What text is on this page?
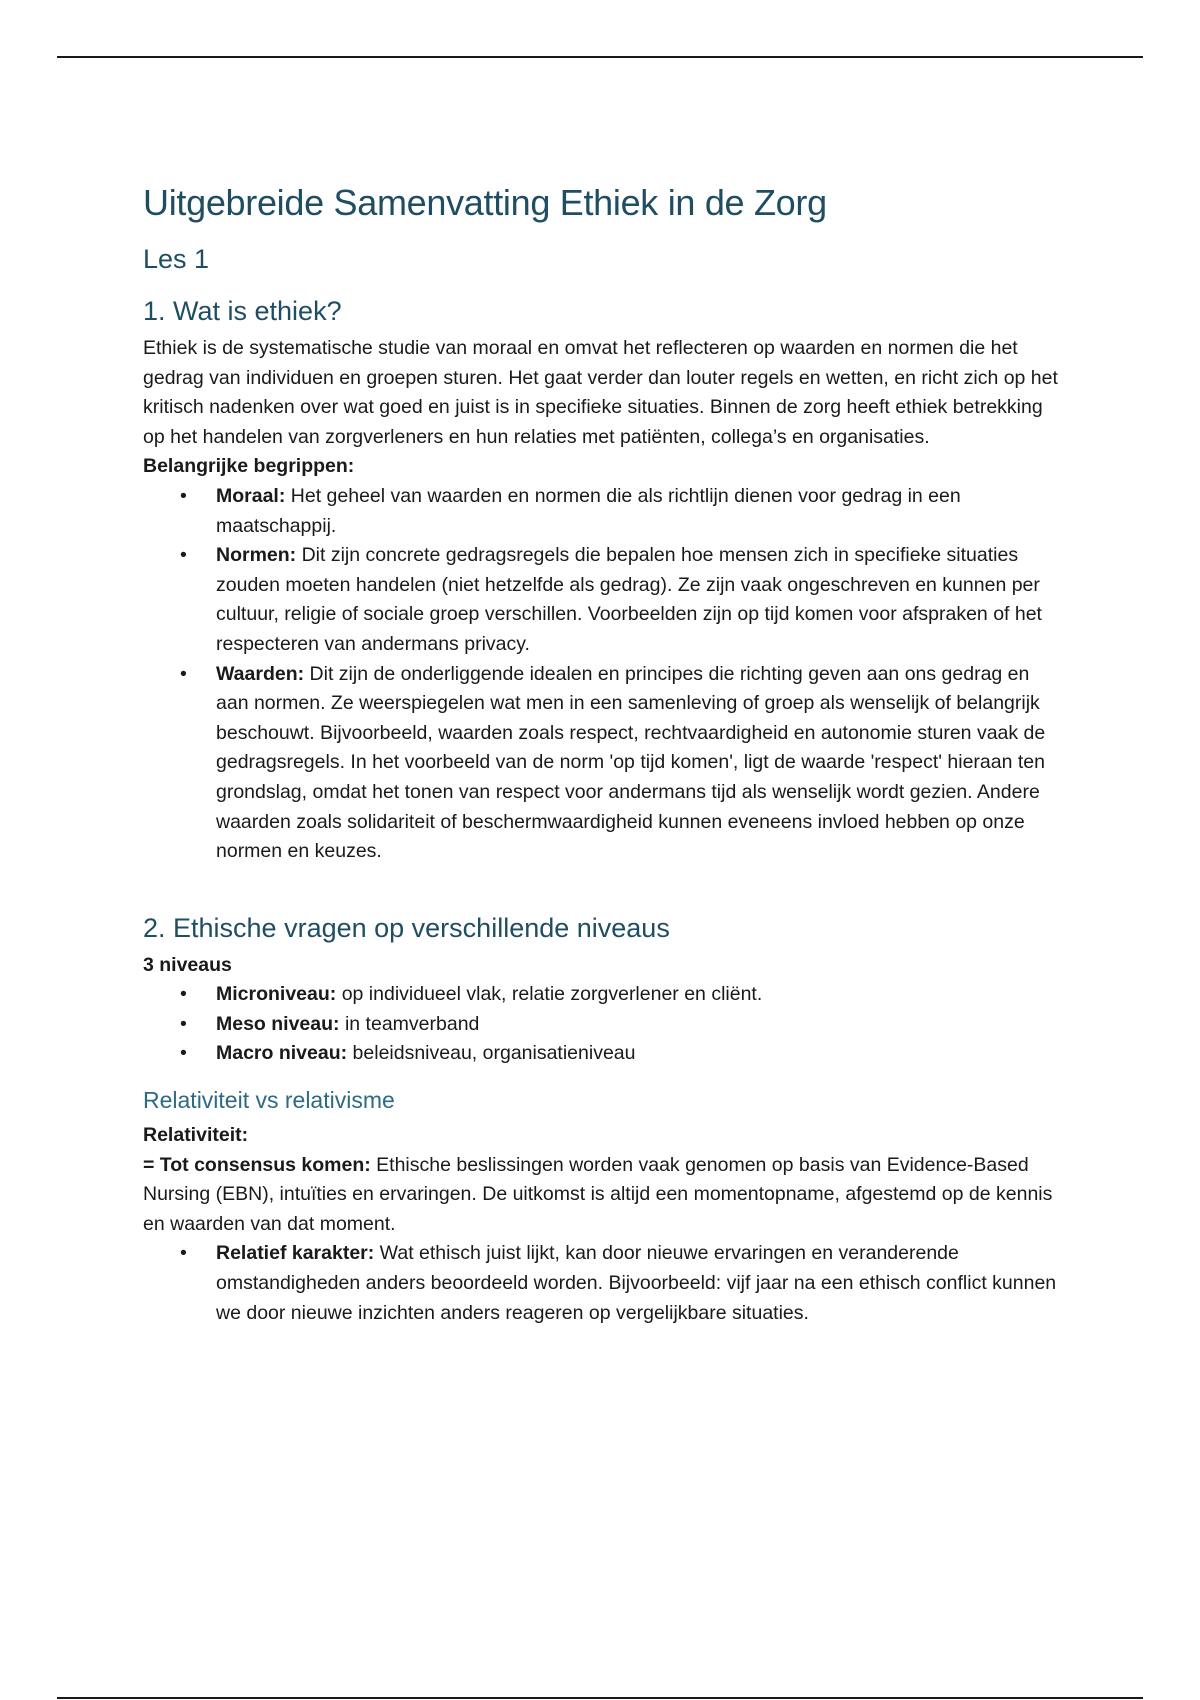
Uitgebreide Samenvatting Ethiek in de Zorg
Les 1
1. Wat is ethiek?

Ethiek is de systematische studie van moraal en omvat het reflecteren op waarden en normen die het gedrag van individuen en groepen sturen. Het gaat verder dan louter regels en wetten, en richt zich op het kritisch nadenken over wat goed en juist is in specifieke situaties. Binnen de zorg heeft ethiek betrekking op het handelen van zorgverleners en hun relaties met patiënten, collega’s en organisaties.

Belangrijke begrippen:

• Moraal: Het geheel van waarden en normen die als richtlijn dienen voor gedrag in een maatschappij.
• Normen: Dit zijn concrete gedragsregels die bepalen hoe mensen zich in specifieke situaties zouden moeten handelen (niet hetzelfde als gedrag). Ze zijn vaak ongeschreven en kunnen per cultuur, religie of sociale groep verschillen. Voorbeelden zijn op tijd komen voor afspraken of het respecteren van andermans privacy.
• Waarden: Dit zijn de onderliggende idealen en principes die richting geven aan ons gedrag en aan normen. Ze weerspiegelen wat men in een samenleving of groep als wenselijk of belangrijk beschouwt. Bijvoorbeeld, waarden zoals respect, rechtvaardigheid en autonomie sturen vaak de gedragsregels. In het voorbeeld van de norm 'op tijd komen', ligt de waarde 'respect' hieraan ten grondslag, omdat het tonen van respect voor andermans tijd als wenselijk wordt gezien. Andere waarden zoals solidariteit of beschermwaardigheid kunnen eveneens invloed hebben op onze normen en keuzes.
2. Ethische vragen op verschillende niveaus

3 niveaus

• Microniveau: op individueel vlak, relatie zorgverlener en cliënt.
• Meso niveau: in teamverband
• Macro niveau: beleidsniveau, organisatieniveau
Relativiteit vs relativisme

Relativiteit:

= Tot consensus komen: Ethische beslissingen worden vaak genomen op basis van Evidence-Based Nursing (EBN), intuïties en ervaringen. De uitkomst is altijd een momentopname, afgestemd op de kennis en waarden van dat moment.

• Relatief karakter: Wat ethisch juist lijkt, kan door nieuwe ervaringen en veranderende omstandigheden anders beoordeeld worden. Bijvoorbeeld: vijf jaar na een ethisch conflict kunnen we door nieuwe inzichten anders reageren op vergelijkbare situaties.
